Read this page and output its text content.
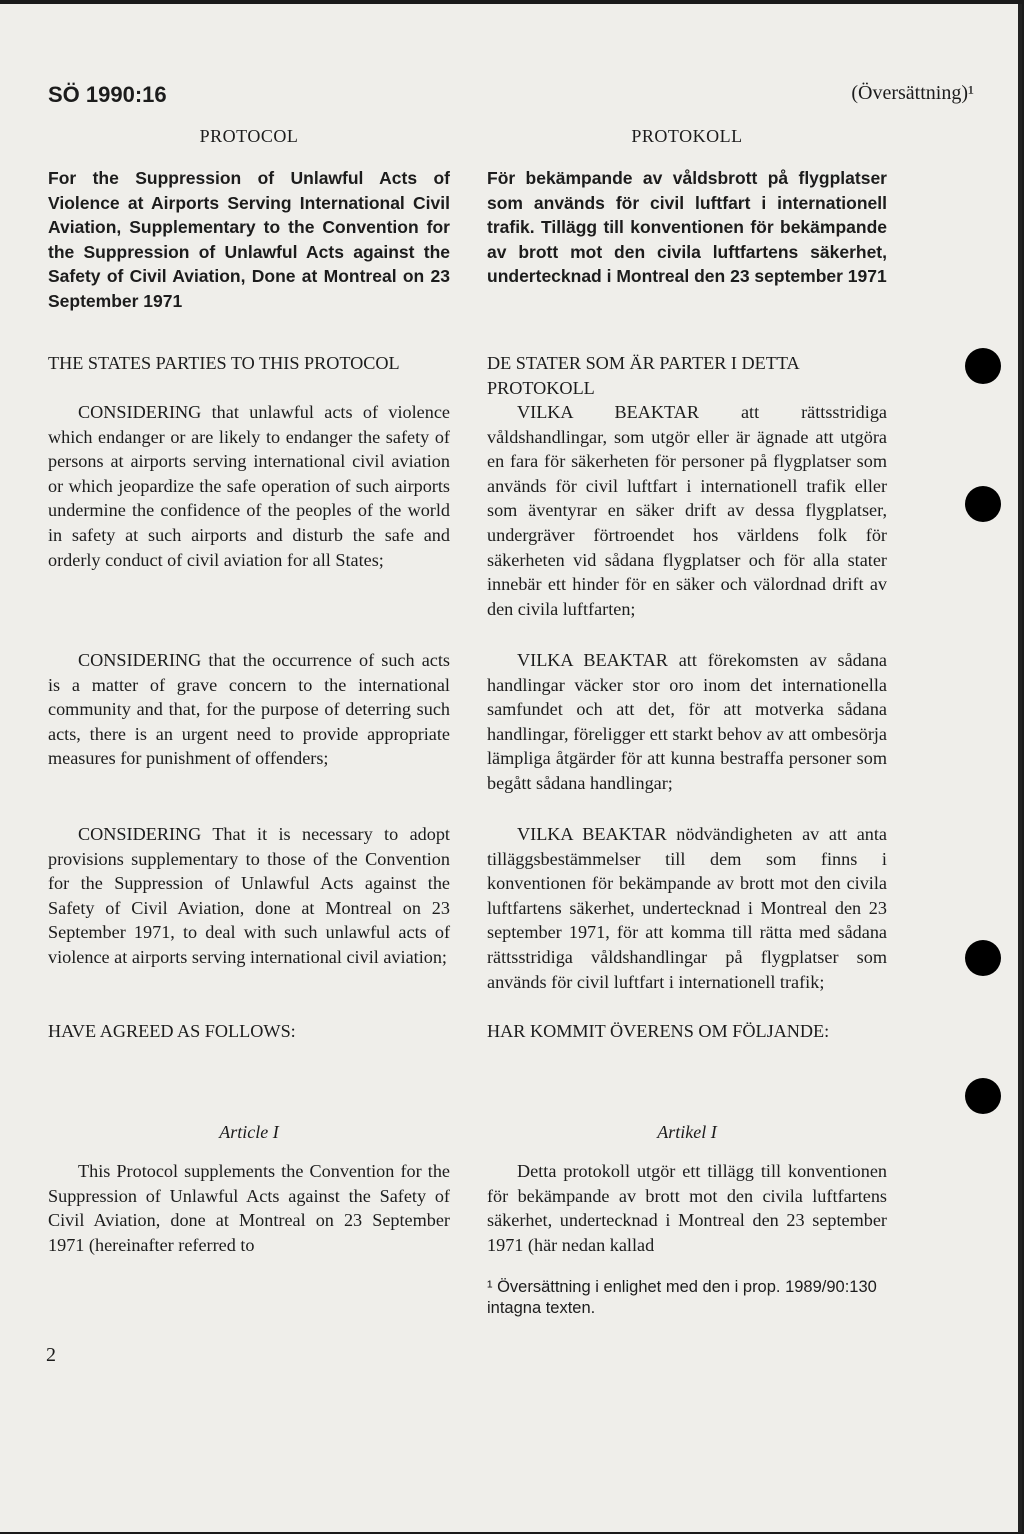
SÖ 1990:16	(Översättning)¹
PROTOCOL

For the Suppression of Unlawful Acts of Violence at Airports Serving International Civil Aviation, Supplementary to the Convention for the Suppression of Unlawful Acts against the Safety of Civil Aviation, Done at Montreal on 23 September 1971

THE STATES PARTIES TO THIS PROTOCOL

CONSIDERING that unlawful acts of violence which endanger or are likely to endanger the safety of persons at airports serving international civil aviation or which jeopardize the safe operation of such airports undermine the confidence of the peoples of the world in safety at such airports and disturb the safe and orderly conduct of civil aviation for all States;

CONSIDERING that the occurrence of such acts is a matter of grave concern to the international community and that, for the purpose of deterring such acts, there is an urgent need to provide appropriate measures for punishment of offenders;

CONSIDERING That it is necessary to adopt provisions supplementary to those of the Convention for the Suppression of Unlawful Acts against the Safety of Civil Aviation, done at Montreal on 23 September 1971, to deal with such unlawful acts of violence at airports serving international civil aviation;

HAVE AGREED AS FOLLOWS:

Article I

This Protocol supplements the Convention for the Suppression of Unlawful Acts against the Safety of Civil Aviation, done at Montreal on 23 September 1971 (hereinafter referred to

PROTOKOLL

För bekämpande av våldsbrott på flygplatser som används för civil luftfart i internationell trafik. Tillägg till konventionen för bekämpande av brott mot den civila luftfartens säkerhet, undertecknad i Montreal den 23 september 1971

DE STATER SOM ÄR PARTER I DETTA PROTOKOLL

VILKA BEAKTAR att rättsstridiga våldshandlingar, som utgör eller är ägnade att utgöra en fara för säkerheten för personer på flygplatser som används för civil luftfart i internationell trafik eller som äventyrar en säker drift av dessa flygplatser, undergräver förtroendet hos världens folk för säkerheten vid sådana flygplatser och för alla stater innebär ett hinder för en säker och välordnad drift av den civila luftfarten;

VILKA BEAKTAR att förekomsten av sådana handlingar väcker stor oro inom det internationella samfundet och att det, för att motverka sådana handlingar, föreligger ett starkt behov av att ombesörja lämpliga åtgärder för att kunna bestraffa personer som begått sådana handlingar;

VILKA BEAKTAR nödvändigheten av att anta tilläggsbestämmelser till dem som finns i konventionen för bekämpande av brott mot den civila luftfartens säkerhet, undertecknad i Montreal den 23 september 1971, för att komma till rätta med sådana rättsstridiga våldshandlingar på flygplatser som används för civil luftfart i internationell trafik;

HAR KOMMIT ÖVERENS OM FÖLJANDE:

Artikel I

Detta protokoll utgör ett tillägg till konventionen för bekämpande av brott mot den civila luftfartens säkerhet, undertecknad i Montreal den 23 september 1971 (här nedan kallad

¹ Översättning i enlighet med den i prop. 1989/90:130 intagna texten.

2
